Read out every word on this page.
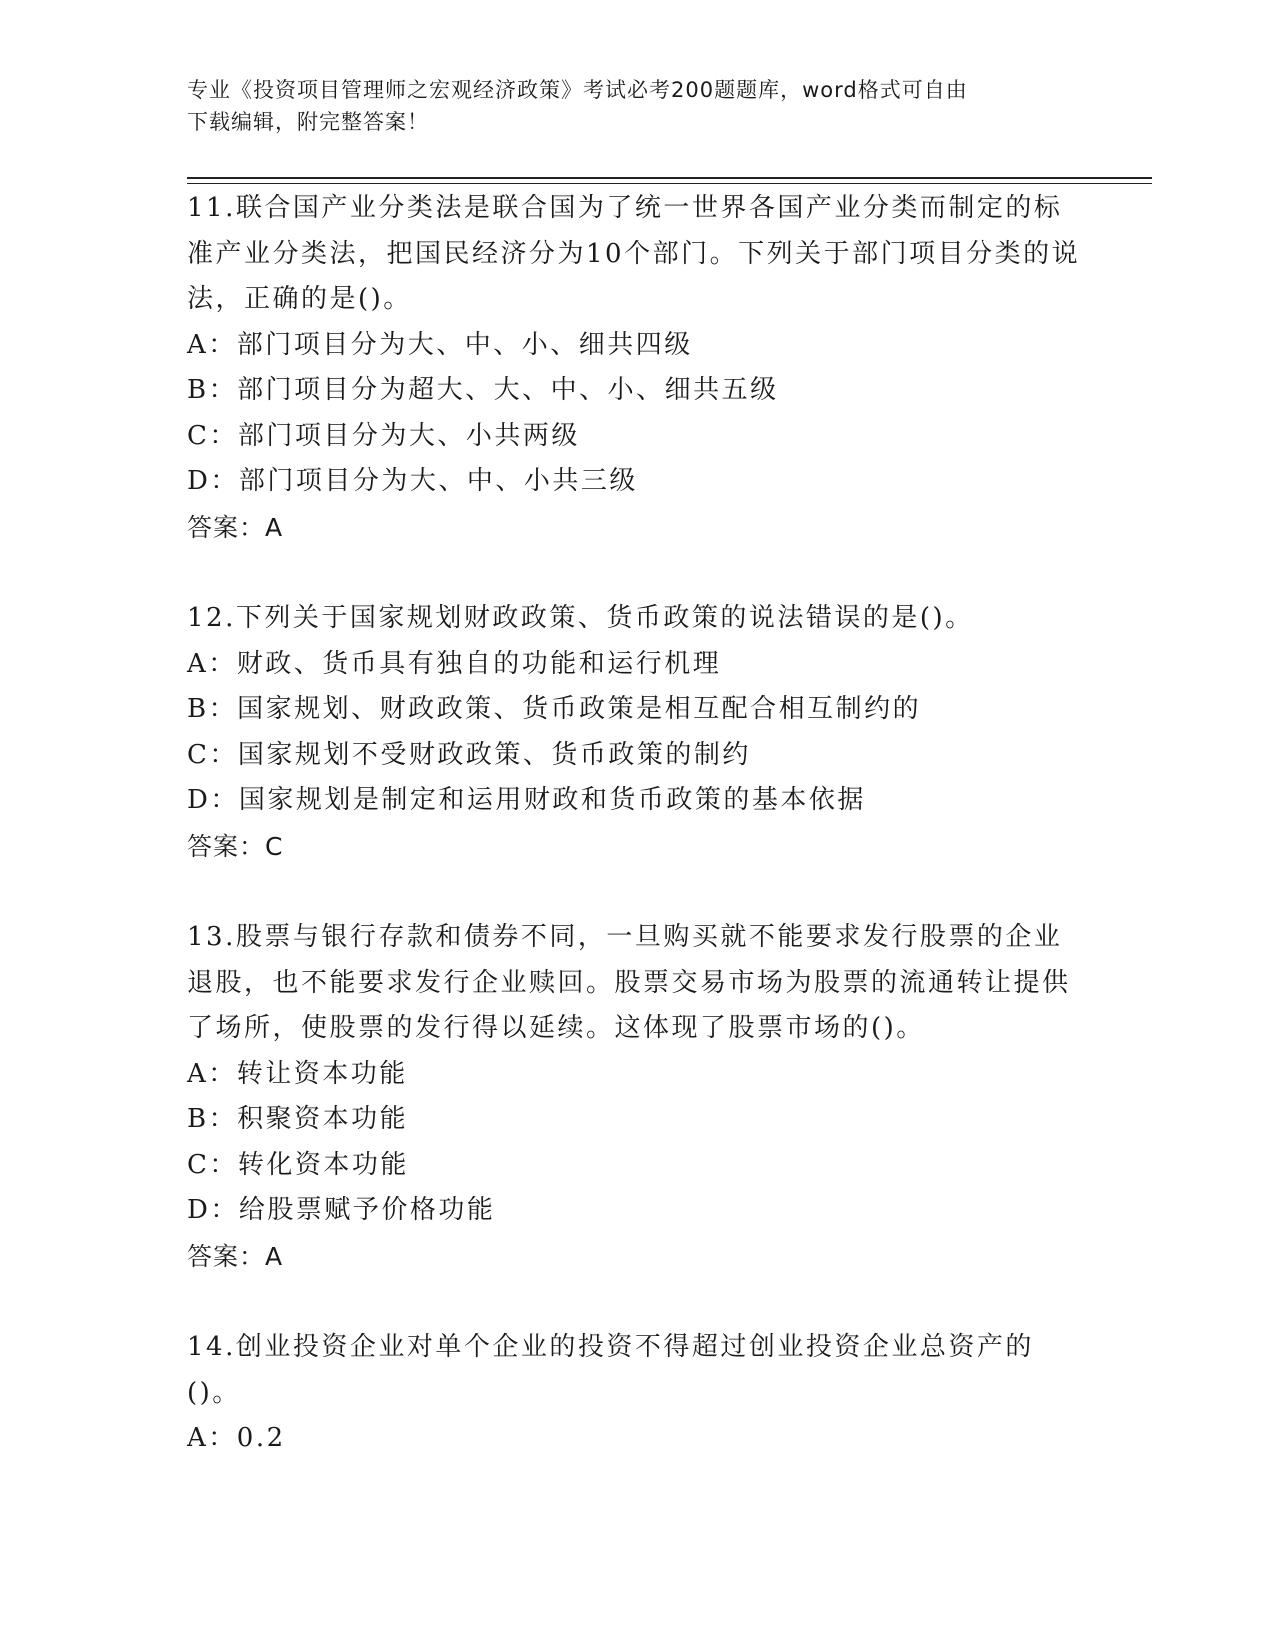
专业《投资项目管理师之宏观经济政策》考试必考200题题库，word格式可自由
下载编辑，附完整答案！
11.联合国产业分类法是联合国为了统一世界各国产业分类而制定的标准产业分类法，把国民经济分为10个部门。下列关于部门项目分类的说法，正确的是()。
A：部门项目分为大、中、小、细共四级
B：部门项目分为超大、大、中、小、细共五级
C：部门项目分为大、小共两级
D：部门项目分为大、中、小共三级
答案：A
12.下列关于国家规划财政政策、货币政策的说法错误的是()。
A：财政、货币具有独自的功能和运行机理
B：国家规划、财政政策、货币政策是相互配合相互制约的
C：国家规划不受财政政策、货币政策的制约
D：国家规划是制定和运用财政和货币政策的基本依据
答案：C
13.股票与银行存款和债券不同，一旦购买就不能要求发行股票的企业退股，也不能要求发行企业赎回。股票交易市场为股票的流通转让提供了场所，使股票的发行得以延续。这体现了股票市场的()。
A：转让资本功能
B：积聚资本功能
C：转化资本功能
D：给股票赋予价格功能
答案：A
14.创业投资企业对单个企业的投资不得超过创业投资企业总资产的()。
A：0.2
